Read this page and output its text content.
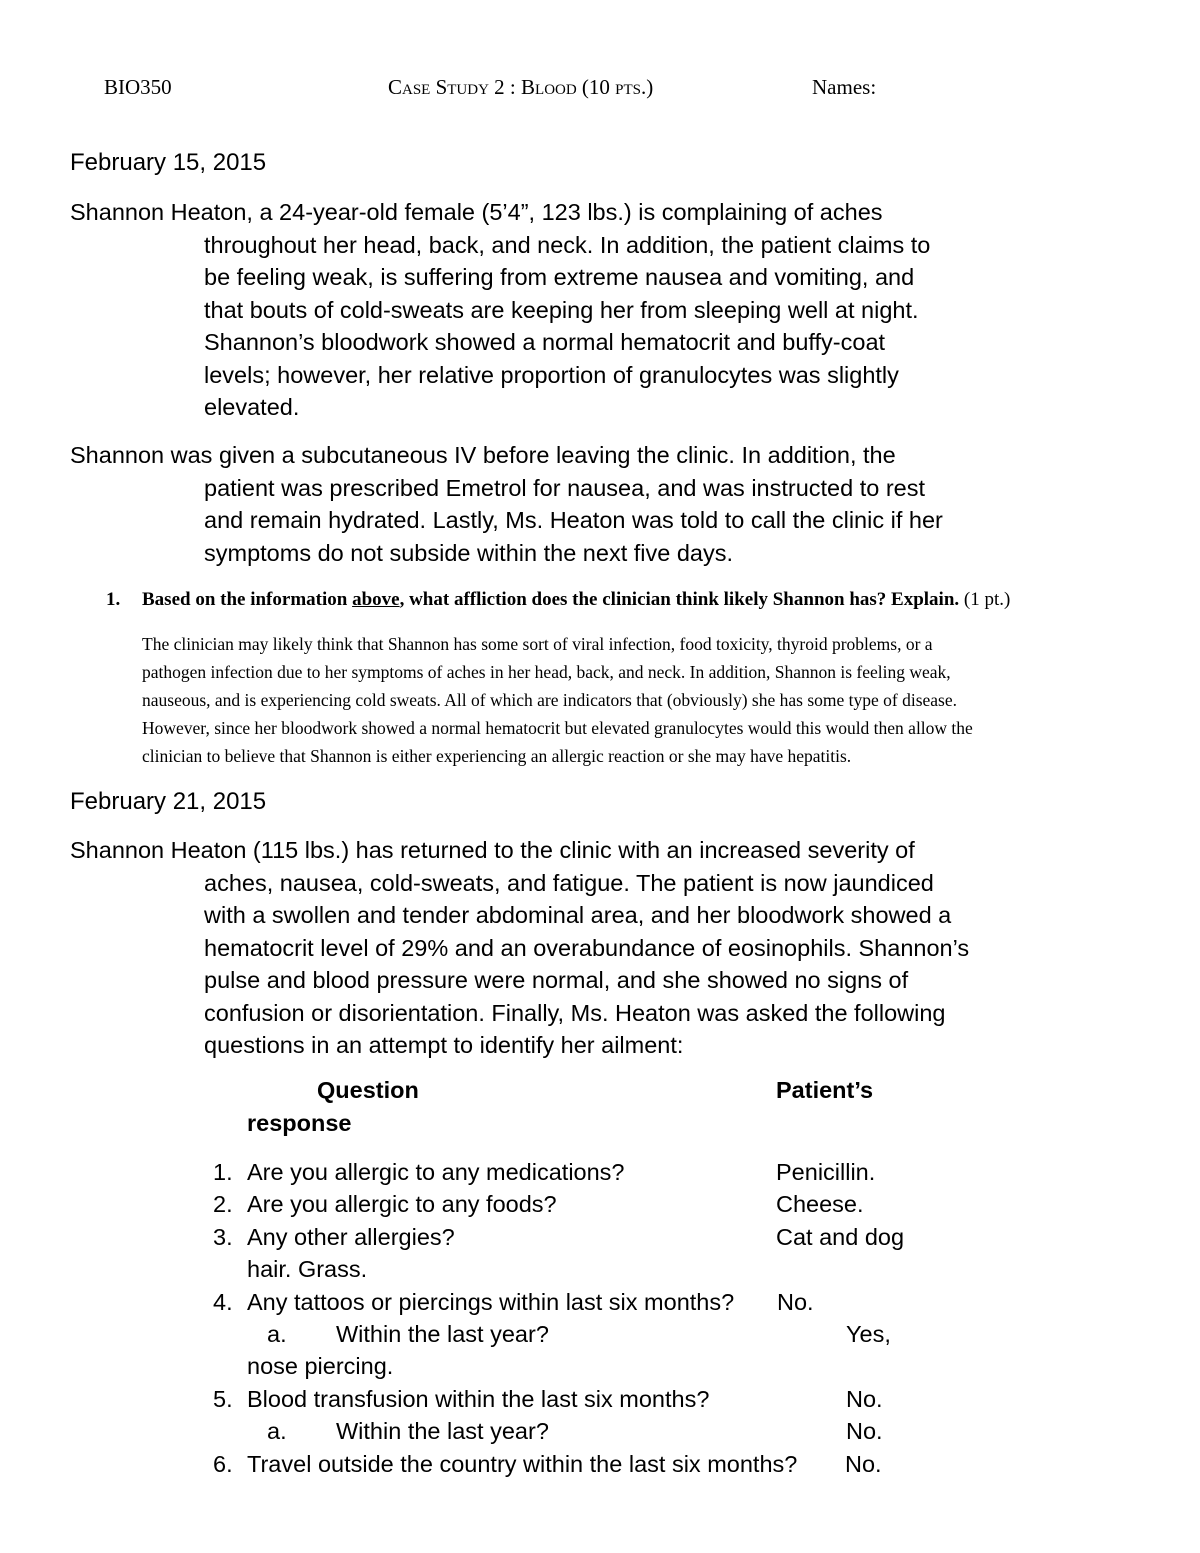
BIO350	Case Study 2 : Blood (10 pts.)	Names:
February 15, 2015
Shannon Heaton, a 24-year-old female (5’4”, 123 lbs.) is complaining of aches
throughout her head, back, and neck. In addition, the patient claims to
be feeling weak, is suffering from extreme nausea and vomiting, and
that bouts of cold-sweats are keeping her from sleeping well at night.
Shannon’s bloodwork showed a normal hematocrit and buffy-coat
levels; however, her relative proportion of granulocytes was slightly
elevated.
Shannon was given a subcutaneous IV before leaving the clinic. In addition, the
patient was prescribed Emetrol for nausea, and was instructed to rest
and remain hydrated. Lastly, Ms. Heaton was told to call the clinic if her
symptoms do not subside within the next five days.
1. Based on the information above, what affliction does the clinician think likely Shannon has? Explain. (1 pt.)
The clinician may likely think that Shannon has some sort of viral infection, food toxicity, thyroid problems, or a
pathogen infection due to her symptoms of aches in her head, back, and neck. In addition, Shannon is feeling weak,
nauseous, and is experiencing cold sweats. All of which are indicators that (obviously) she has some type of disease.
However, since her bloodwork showed a normal hematocrit but elevated granulocytes would this would then allow the
clinician to believe that Shannon is either experiencing an allergic reaction or she may have hepatitis.
February 21, 2015
Shannon Heaton (115 lbs.) has returned to the clinic with an increased severity of
aches, nausea, cold-sweats, and fatigue. The patient is now jaundiced
with a swollen and tender abdominal area, and her bloodwork showed a
hematocrit level of 29% and an overabundance of eosinophils. Shannon’s
pulse and blood pressure were normal, and she showed no signs of
confusion or disorientation. Finally, Ms. Heaton was asked the following
questions in an attempt to identify her ailment:
Question	Patient’s
response
1. Are you allergic to any medications?	Penicillin.
2. Are you allergic to any foods?	Cheese.
3. Any other allergies?	Cat and dog
hair. Grass.
4. Any tattoos or piercings within last six months? No.
a. Within the last year?	Yes,
nose piercing.
5. Blood transfusion within the last six months?	No.
a. Within the last year?	No.
6. Travel outside the country within the last six months? No.
